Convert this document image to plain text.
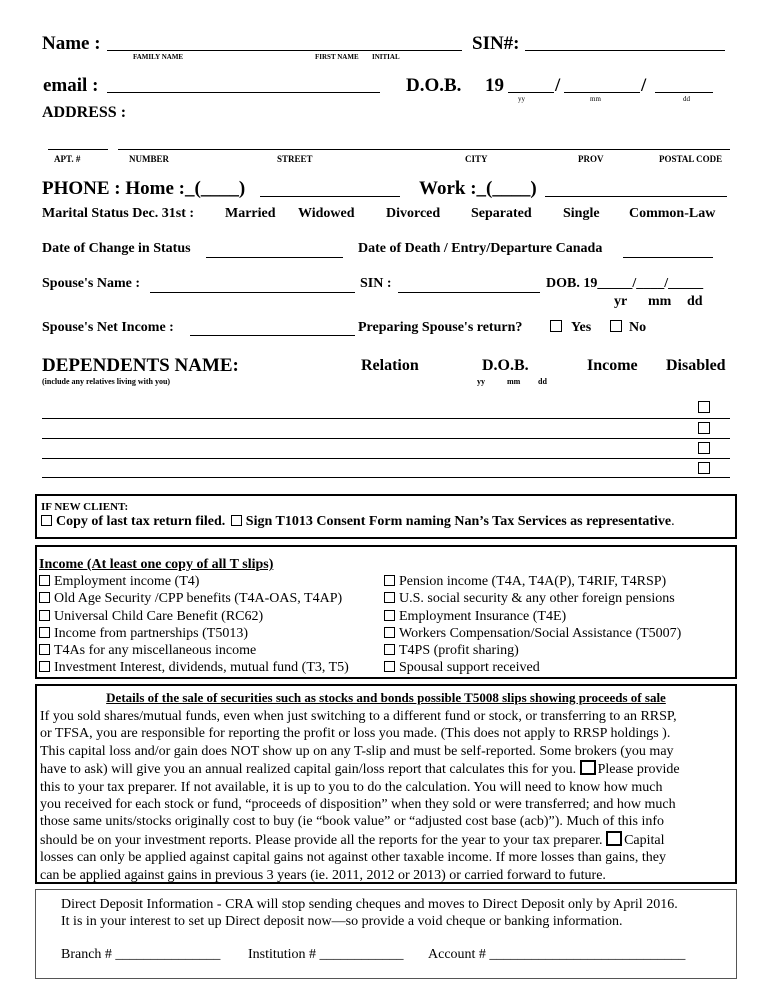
Name :
FAMILY NAME	FIRST NAME INITIAL
SIN#:
email :	D.O.B. 19	/	/
yy	mm	dd
ADDRESS :
APT. #	NUMBER	STREET	CITY	PROV	POSTAL CODE
PHONE : Home :_(____)	Work :_(____)
Marital Status Dec. 31st : Married Widowed Divorced Separated Single Common-Law
Date of Change in Status	Date of Death / Entry/Departure Canada
Spouse's Name :	SIN :	DOB. 19_____/____/_____
yr mm dd
Spouse's Net Income :	Preparing Spouse's return?	Yes	No
DEPENDENTS NAME:
(include any relatives living with you)
Relation	D.O.B.
yy	mm dd
Income Disabled
IF NEW CLIENT:
Copy of last tax return filed. Sign T1013 Consent Form naming Nan’s Tax Services as representative.
Income (At least one copy of all T slips)
Employment income (T4)
Old Age Security /CPP benefits (T4A-OAS, T4AP)
Universal Child Care Benefit (RC62)
Income from partnerships (T5013)
T4As for any miscellaneous income
Investment Interest, dividends, mutual fund (T3, T5)
Pension income (T4A, T4A(P), T4RIF, T4RSP)
U.S. social security & any other foreign pensions
Employment Insurance (T4E)
Workers Compensation/Social Assistance (T5007)
T4PS (profit sharing)
Spousal support received
Details of the sale of securities such as stocks and bonds possible T5008 slips showing proceeds of sale
If you sold shares/mutual funds, even when just switching to a different fund or stock, or transferring to an RRSP,
or TFSA, you are responsible for reporting the profit or loss you made. (This does not apply to RRSP holdings ).
This capital loss and/or gain does NOT show up on any T-slip and must be self-reported. Some brokers (you may
have to ask) will give you an annual realized capital gain/loss report that calculates this for you. Please provide
this to your tax preparer. If not available, it is up to you to do the calculation. You will need to know how much
you received for each stock or fund, “proceeds of disposition” when they sold or were transferred; and how much
those same units/stocks originally cost to buy (ie “book value” or “adjusted cost base (acb)”). Much of this info
should be on your investment reports. Please provide all the reports for the year to your tax preparer. Capital
losses can only be applied against capital gains not against other taxable income. If more losses than gains, they
can be applied against gains in previous 3 years (ie. 2011, 2012 or 2013) or carried forward to future.
Direct Deposit Information - CRA will stop sending cheques and moves to Direct Deposit only by April 2016.
It is in your interest to set up Direct deposit now—so provide a void cheque or banking information.
Branch # _______________ Institution # ____________ Account # ____________________________
